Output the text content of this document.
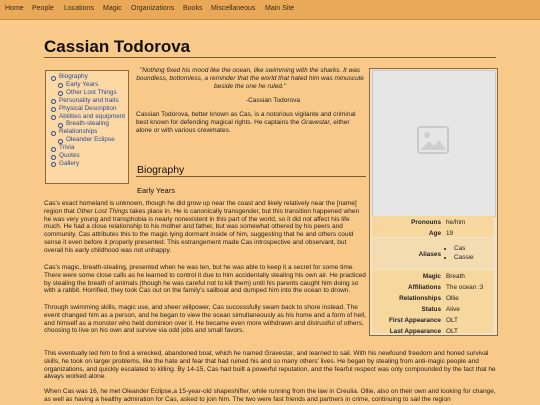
Home People Locations Magic Organizations Books Miscellaneous Main Site
Cassian Todorova
Biography
Early Years
Other Lost Things
Personality and traits
Physical Description
Abilities and equipment
Breath-stealing
Relationships
Oleander Eclipse
Trivia
Quotes
Gallery
"Nothing fixed his mood like the ocean, like swimming with the sharks. It was boundless, bottomless, a reminder that the world that hated him was minuscule beside the one he ruled."
-Cassian Todorova
Cassian Todorova, better known as Cas, is a notorious vigilante and criminal best known for defending magical rights. He captains the Gravestar, either alone or with various crewmates.
Biography
Early Years
Pronouns he/him
Age 19
Aliases
• Cas
• Cassie
Magic Breath
Affiliations The ocean :3
Relationships Ollie
Status Alive
First Appearance OLT
Last Appearance OLT
Cas's exact homeland is unknown, though he did grow up near the coast and likely relatively near the [name] region that Other Lost Things takes place in. He is canonically transgender, but this transition happened when he was very young and transphobia is nearly nonexistent in this part of the world, so it did not affect his life much. He had a close relationship to his mother and father, but was somewhat othered by his peers and community. Cas attributes this to the magic lying dormant inside of him, suggesting that he and others could sense it even before it properly presented. This estrangement made Cas introspective and observant, but overall his early childhood was not unhappy.
Cas's magic, breath-stealing, presented when he was ten, but he was able to keep it a secret for some time. There were some close calls as he learned to control it due to him accidentally stealing his own air. He practiced by stealing the breath of animals (though he was careful not to kill them) until his parents caught him doing so with a rabbit. Horrified, they took Cas out on the family's sailboat and dumped him into the ocean to drown.
Through swimming skills, magic use, and sheer willpower, Cas successfully swam back to shore instead. The event changed him as a person, and he began to view the ocean simultaneously as his home and a form of hell, and himself as a monster who held dominion over it. He became even more withdrawn and distrustful of others, choosing to live on his own and survive via odd jobs and small favors.
This eventually led him to find a wrecked, abandoned boat, which he named Gravestar, and learned to sail. With his newfound freedom and honed survival skills, he took on larger problems, like the hate and fear that had ruined his and so many others' lives. He began by stealing from anti-magic people and organizations, and quickly escalated to killing. By 14-15, Cas had built a powerful reputation, and the fearful respect was only compounded by the fact that he always worked alone.
When Cas was 16, he met Oleander Eclipse,a 15-year-old shapeshifter, while running from the law in Creulia. Ollie, also on their own and looking for change, as well as having a healthy admiration for Cas, asked to join him. The two were fast friends and partners in crime, continuing to sail the region
